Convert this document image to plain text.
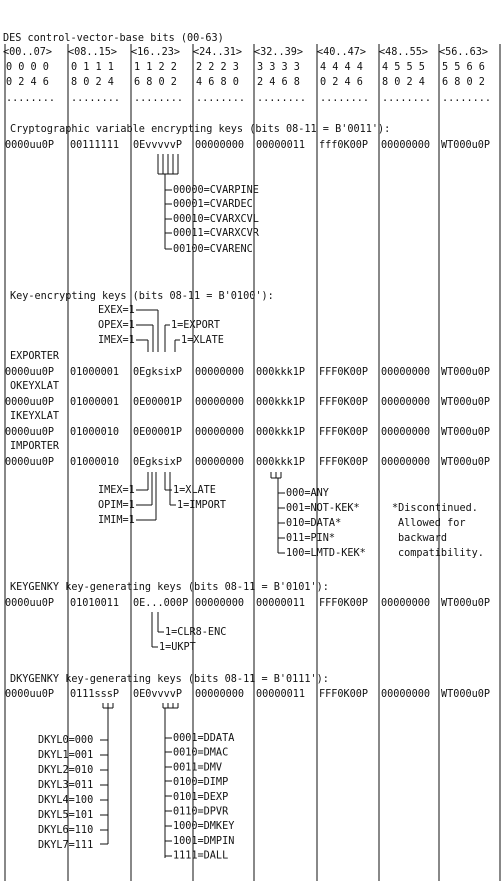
DES control-vector-base bits (00-63)
<00..07> <08..15> <16..23> <24..31> <32..39> <40..47> <48..55> <56..63>
0 0 0 0 0 1 1 1 1 1 2 2 2 2 2 3 3 3 3 3 4 4 4 4 4 5 5 5 5 5 6 6
0 2 4 6 8 0 2 4 6 8 0 2 4 6 8 0 2 4 6 8 0 2 4 6 8 0 2 4 6 8 0 2
........ ........ ........ ........ ........ ........ ........ ........
Cryptographic variable encrypting keys (bits 08-11 = B'0011'):
0000uu0P 00111111 0EvvvvvP 00000000 00000011 fff0K00P 00000000 WT000u0P
00000=CVARPINE
00001=CVARDEC
00010=CVARXCVL
00011=CVARXCVR
00100=CVARENC
Key-encrypting keys (bits 08-11 = B'0100'):
EXEX=1
OPEX=1
IMEX=1
1=EXPORT
1=XLATE
EXPORTER
0000uu0P 01000001 0EgksixP 00000000 000kkk1P FFF0K00P 00000000 WT000u0P
OKEYXLAT
0000uu0P 01000001 0E00001P 00000000 000kkk1P FFF0K00P 00000000 WT000u0P
IKEYXLAT
0000uu0P 01000010 0E00001P 00000000 000kkk1P FFF0K00P 00000000 WT000u0P
IMPORTER
0000uu0P 01000010 0EgksixP 00000000 000kkk1P FFF0K00P 00000000 WT000u0P
IMEX=1
OPIM=1
IMIM=1
1=XLATE
1=IMPORT
000=ANY
001=NOT-KEK*
010=DATA*
011=PIN*
100=LMTD-KEK*
*Discontinued.
Allowed for
backward
compatibility.
KEYGENKY key-generating keys (bits 08-11 = B'0101'):
0000uu0P 01010011 0E...000P 00000000 00000011 FFF0K00P 00000000 WT000u0P
1=CLR8-ENC
1=UKPT
DKYGENKY key-generating keys (bits 08-11 = B'0111'):
0000uu0P 0111sssP 0E0vvvvP 00000000 00000011 FFF0K00P 00000000 WT000u0P
DKYL0=000
DKYL1=001
DKYL2=010
DKYL3=011
DKYL4=100
DKYL5=101
DKYL6=110
DKYL7=111
0001=DDATA
0010=DMAC
0011=DMV
0100=DIMP
0101=DEXP
0110=DPVR
1000=DMKEY
1001=DMPIN
1111=DALL
